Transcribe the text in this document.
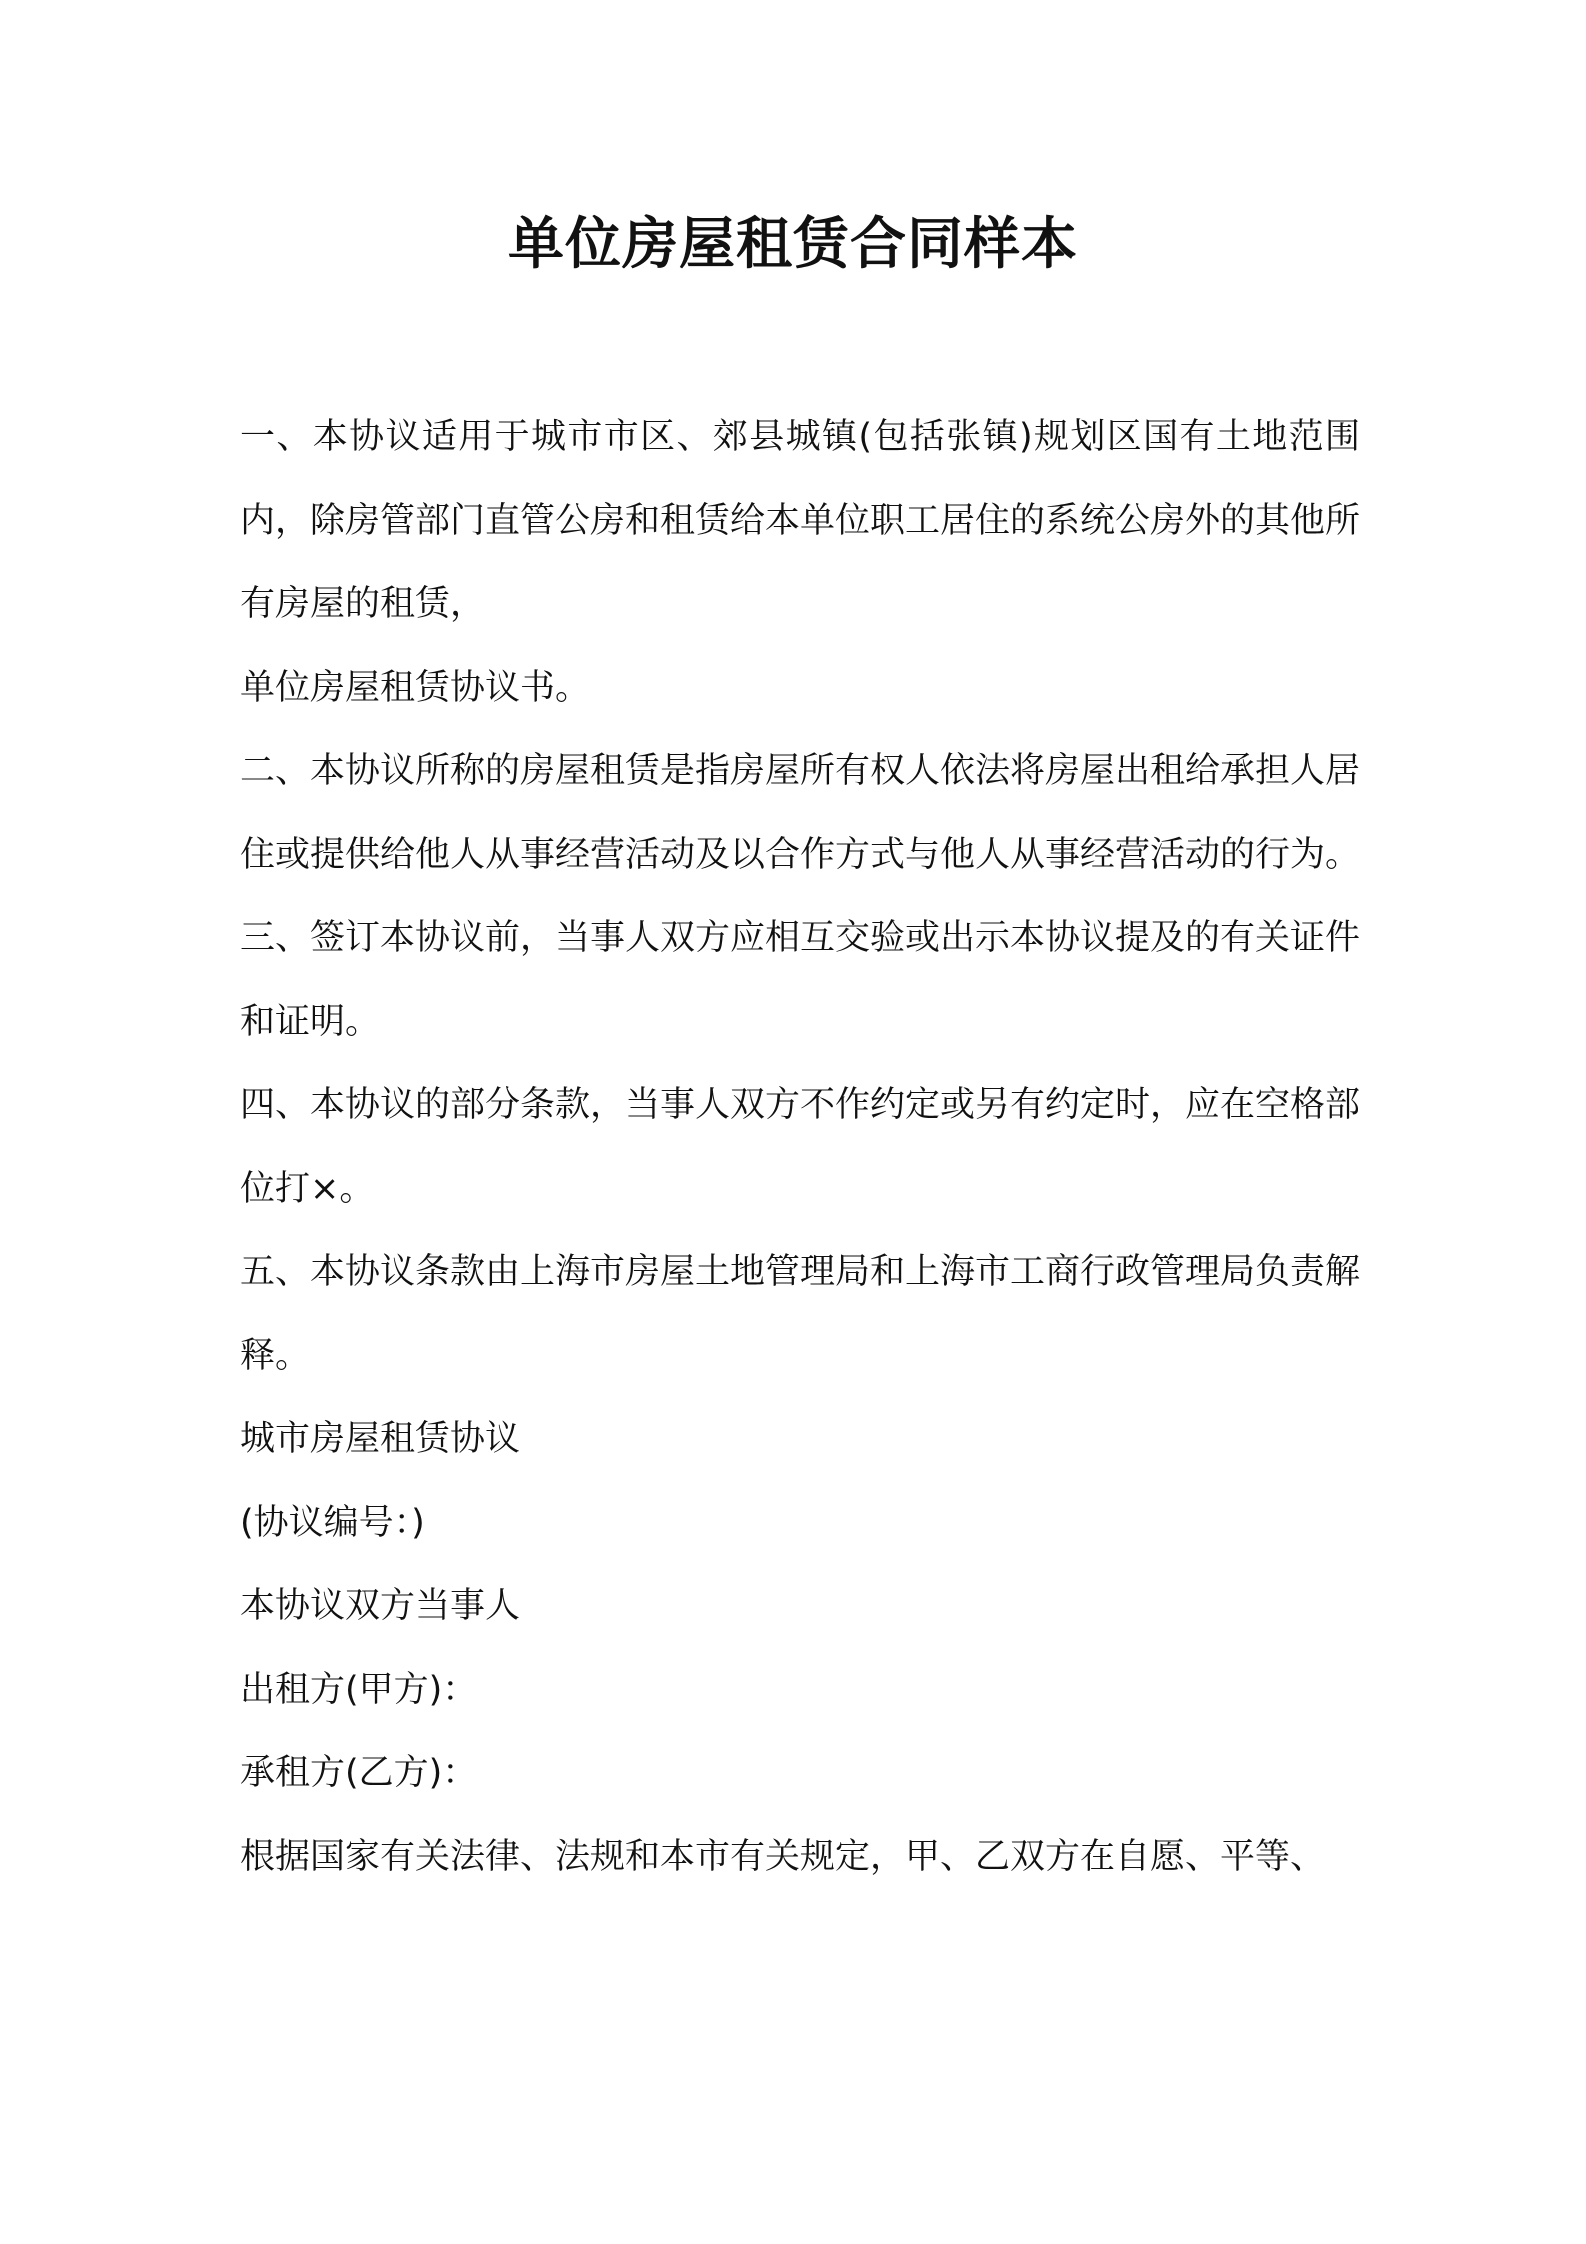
单位房屋租赁合同样本

一、本协议适用于城市市区、郊县城镇(包括张镇)规划区国有土地范围内，除房管部门直管公房和租赁给本单位职工居住的系统公房外的其他所有房屋的租赁，

单位房屋租赁协议书。

二、本协议所称的房屋租赁是指房屋所有权人依法将房屋出租给承担人居住或提供给他人从事经营活动及以合作方式与他人从事经营活动的行为。

三、签订本协议前，当事人双方应相互交验或出示本协议提及的有关证件和证明。

四、本协议的部分条款，当事人双方不作约定或另有约定时，应在空格部位打×。

五、本协议条款由上海市房屋土地管理局和上海市工商行政管理局负责解释。

城市房屋租赁协议

(协议编号：)

本协议双方当事人

出租方(甲方)：

承租方(乙方)：

根据国家有关法律、法规和本市有关规定，甲、乙双方在自愿、平等、
